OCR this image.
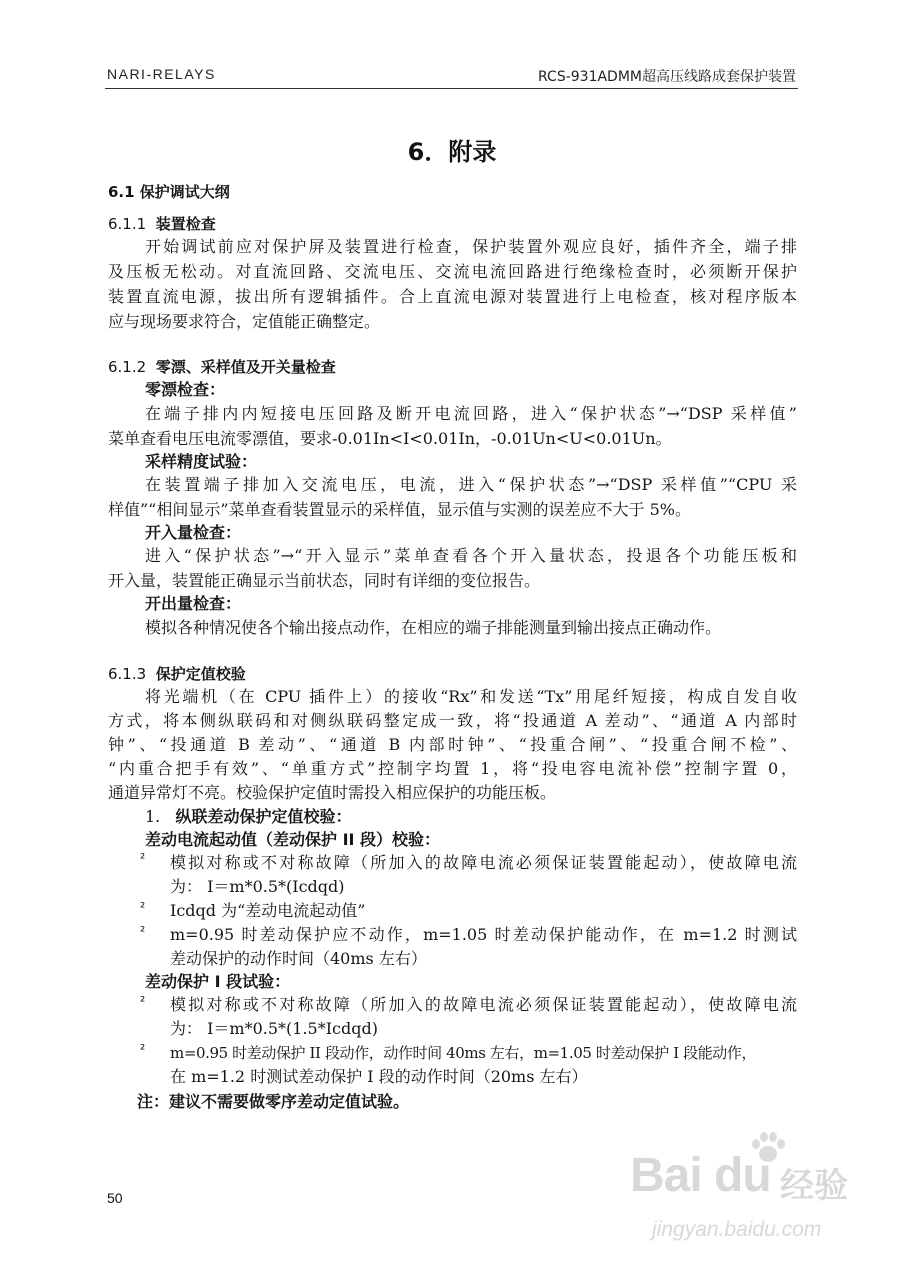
NARI-RELAYS	RCS-931ADMM超高压线路成套保护装置
6．附录
6.1 保护调试大纲
6.1.1 装置检查
开始调试前应对保护屏及装置进行检查，保护装置外观应良好，插件齐全，端子排
及压板无松动。对直流回路、交流电压、交流电流回路进行绝缘检查时，必须断开保护
装置直流电源，拔出所有逻辑插件。合上直流电源对装置进行上电检查，核对程序版本
应与现场要求符合，定值能正确整定。
6.1.2 零漂、采样值及开关量检查
零漂检查：
在端子排内内短接电压回路及断开电流回路，进入“保护状态”→“DSP 采样值”
菜单查看电压电流零漂值，要求-0.01In<I<0.01In，-0.01Un<U<0.01Un。
采样精度试验：
在装置端子排加入交流电压，电流，进入“保护状态”→“DSP 采样值”“CPU 采
样值”“相间显示”菜单查看装置显示的采样值，显示值与实测的误差应不大于 5%。
开入量检查：
进入“保护状态”→“开入显示”菜单查看各个开入量状态，投退各个功能压板和
开入量，装置能正确显示当前状态，同时有详细的变位报告。
开出量检查：
模拟各种情况使各个输出接点动作，在相应的端子排能测量到输出接点正确动作。
6.1.3 保护定值校验
将光端机（在 CPU 插件上）的接收“Rx”和发送“Tx”用尾纤短接，构成自发自收
方式，将本侧纵联码和对侧纵联码整定成一致，将“投通道 A 差动”、“通道 A 内部时
钟”、“投通道 B 差动”、“通道 B 内部时钟”、“投重合闸”、“投重合闸不检”、
“内重合把手有效”、“单重方式”控制字均置 1，将“投电容电流补偿”控制字置 0，
通道异常灯不亮。校验保护定值时需投入相应保护的功能压板。
1. 纵联差动保护定值校验：
差动电流起动值（差动保护 II 段）校验：
² 模拟对称或不对称故障（所加入的故障电流必须保证装置能起动），使故障电流
为： I＝m*0.5*(Icdqd)
² Icdqd 为“差动电流起动值”
² m=0.95 时差动保护应不动作，m=1.05 时差动保护能动作，在 m=1.2 时测试
差动保护的动作时间（40ms 左右）
差动保护 I 段试验：
² 模拟对称或不对称故障（所加入的故障电流必须保证装置能起动），使故障电流
为： I＝m*0.5*(1.5*Icdqd)
² m=0.95 时差动保护 II 段动作，动作时间 40ms 左右，m=1.05 时差动保护 I 段能动作，
在 m=1.2 时测试差动保护 I 段的动作时间（20ms 左右）
注：建议不需要做零序差动定值试验。
50	Bai du 经验
jingyan.baidu.com
